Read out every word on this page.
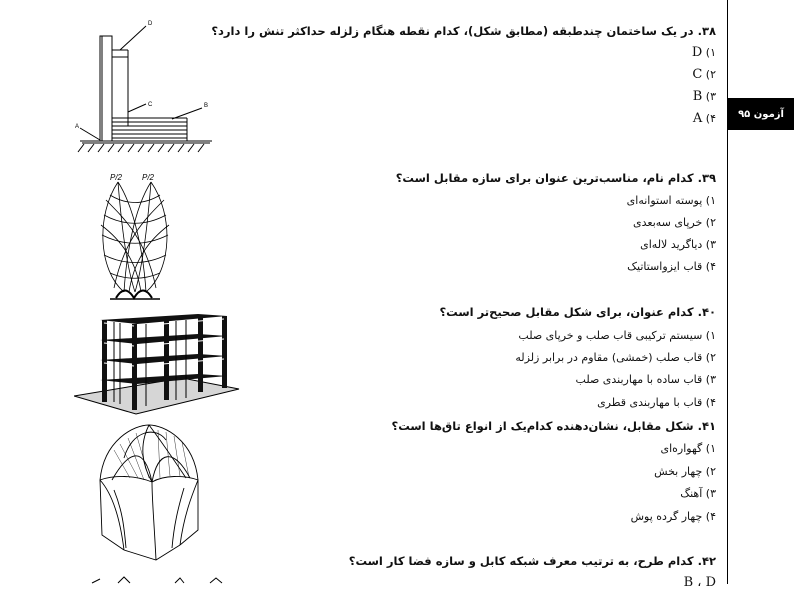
آزمون ۹۵
۳۸. در یک ساختمان چندطبقه (مطابق شکل)، کدام نقطه هنگام زلزله حداکثر تنش را دارد؟
۱) D
۲) C
۳) B
۴) A
D
C	B
A
۳۹. کدام نام، مناسب‌ترین عنوان برای سازه مقابل است؟
۱) پوسته استوانه‌ای
۲) خرپای سه‌بعدی
۳) دیاگرید لاله‌ای
۴) قاب ایزواستاتیک
P/2 P/2
۴۰. کدام عنوان، برای شکل مقابل صحیح‌تر است؟
۱) سیستم ترکیبی قاب صلب و خرپای صلب
۲) قاب صلب (خمشی) مقاوم در برابر زلزله
۳) قاب ساده با مهاربندی صلب
۴) قاب با مهاربندی قطری
۴۱. شکل مقابل، نشان‌دهنده کدام‌یک از انواع تاق‌ها است؟
۱) گهواره‌ای
۲) چهار بخش
۳) آهنگ
۴) چهار گرده پوش
۴۲. کدام طرح، به ترتیب معرف شبکه کابل و سازه فضا کار است؟
B ، D
